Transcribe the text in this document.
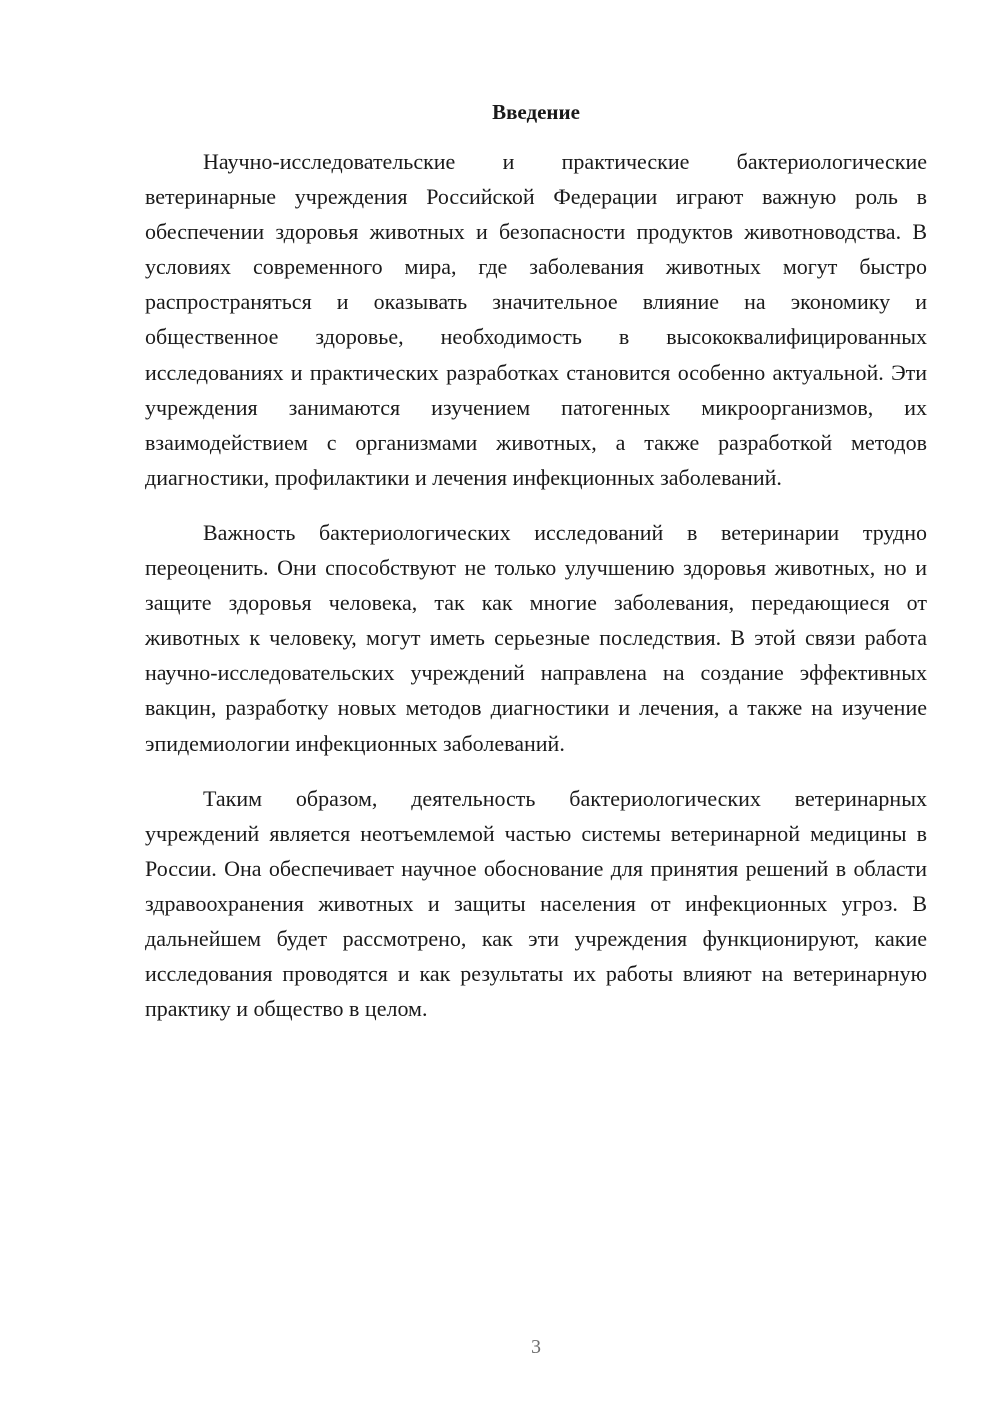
Введение

Научно-исследовательские и практические бактериологические ветеринарные учреждения Российской Федерации играют важную роль в обеспечении здоровья животных и безопасности продуктов животноводства. В условиях современного мира, где заболевания животных могут быстро распространяться и оказывать значительное влияние на экономику и общественное здоровье, необходимость в высококвалифицированных исследованиях и практических разработках становится особенно актуальной. Эти учреждения занимаются изучением патогенных микроорганизмов, их взаимодействием с организмами животных, а также разработкой методов диагностики, профилактики и лечения инфекционных заболеваний.

Важность бактериологических исследований в ветеринарии трудно переоценить. Они способствуют не только улучшению здоровья животных, но и защите здоровья человека, так как многие заболевания, передающиеся от животных к человеку, могут иметь серьезные последствия. В этой связи работа научно-исследовательских учреждений направлена на создание эффективных вакцин, разработку новых методов диагностики и лечения, а также на изучение эпидемиологии инфекционных заболеваний.

Таким образом, деятельность бактериологических ветеринарных учреждений является неотъемлемой частью системы ветеринарной медицины в России. Она обеспечивает научное обоснование для принятия решений в области здравоохранения животных и защиты населения от инфекционных угроз. В дальнейшем будет рассмотрено, как эти учреждения функционируют, какие исследования проводятся и как результаты их работы влияют на ветеринарную практику и общество в целом.

3
